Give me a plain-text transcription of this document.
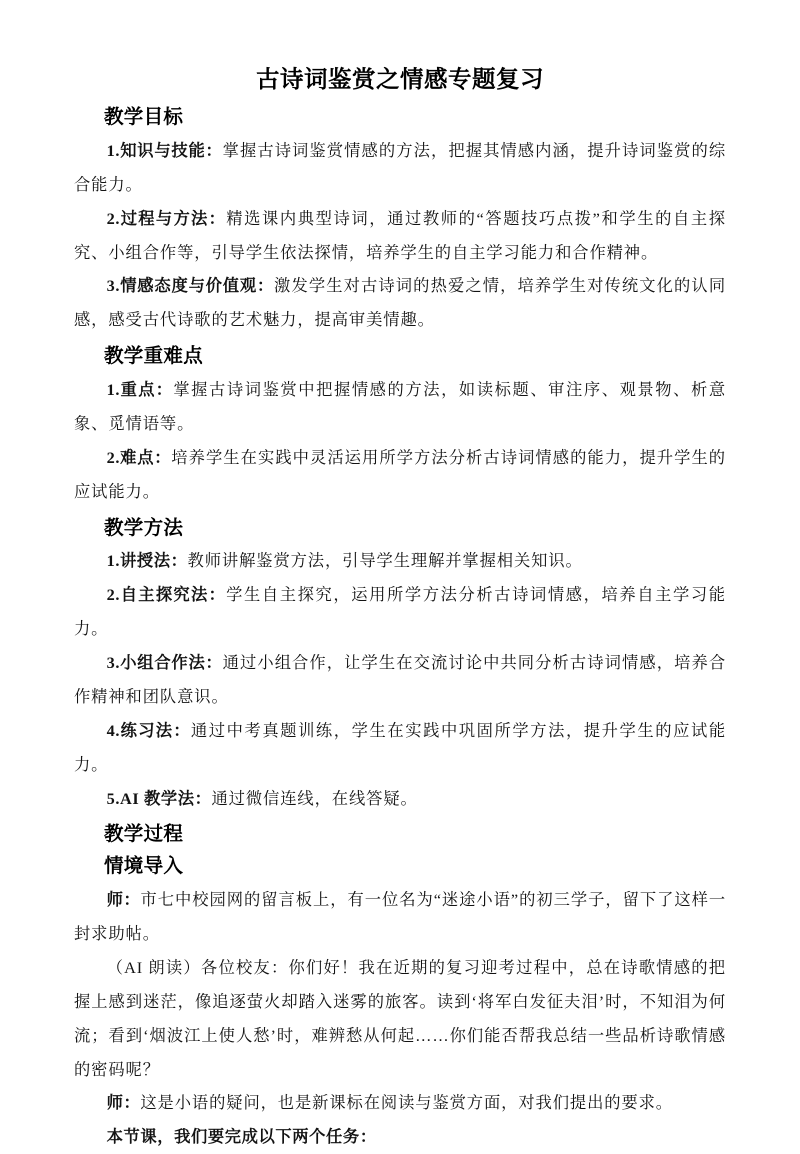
古诗词鉴赏之情感专题复习
教学目标

1.知识与技能：掌握古诗词鉴赏情感的方法，把握其情感内涵，提升诗词鉴赏的综合能力。

2.过程与方法：精选课内典型诗词，通过教师的“答题技巧点拨”和学生的自主探究、小组合作等，引导学生依法探情，培养学生的自主学习能力和合作精神。

3.情感态度与价值观：激发学生对古诗词的热爱之情，培养学生对传统文化的认同感，感受古代诗歌的艺术魅力，提高审美情趣。

教学重难点

1.重点：掌握古诗词鉴赏中把握情感的方法，如读标题、审注序、观景物、析意象、觅情语等。

2.难点：培养学生在实践中灵活运用所学方法分析古诗词情感的能力，提升学生的应试能力。

教学方法

1.讲授法：教师讲解鉴赏方法，引导学生理解并掌握相关知识。

2.自主探究法：学生自主探究，运用所学方法分析古诗词情感，培养自主学习能力。

3.小组合作法：通过小组合作，让学生在交流讨论中共同分析古诗词情感，培养合作精神和团队意识。

4.练习法：通过中考真题训练，学生在实践中巩固所学方法，提升学生的应试能力。

5.AI 教学法：通过微信连线，在线答疑。

教学过程
情境导入

师：市七中校园网的留言板上，有一位名为“迷途小语”的初三学子，留下了这样一封求助帖。

（AI 朗读）各位校友：你们好！我在近期的复习迎考过程中，总在诗歌情感的把握上感到迷茫，像追逐萤火却踏入迷雾的旅客。读到‘将军白发征夫泪’时，不知泪为何流；看到‘烟波江上使人愁’时，难辨愁从何起……你们能否帮我总结一些品析诗歌情感的密码呢？

师：这是小语的疑问，也是新课标在阅读与鉴赏方面，对我们提出的要求。

本节课，我们要完成以下两个任务：
